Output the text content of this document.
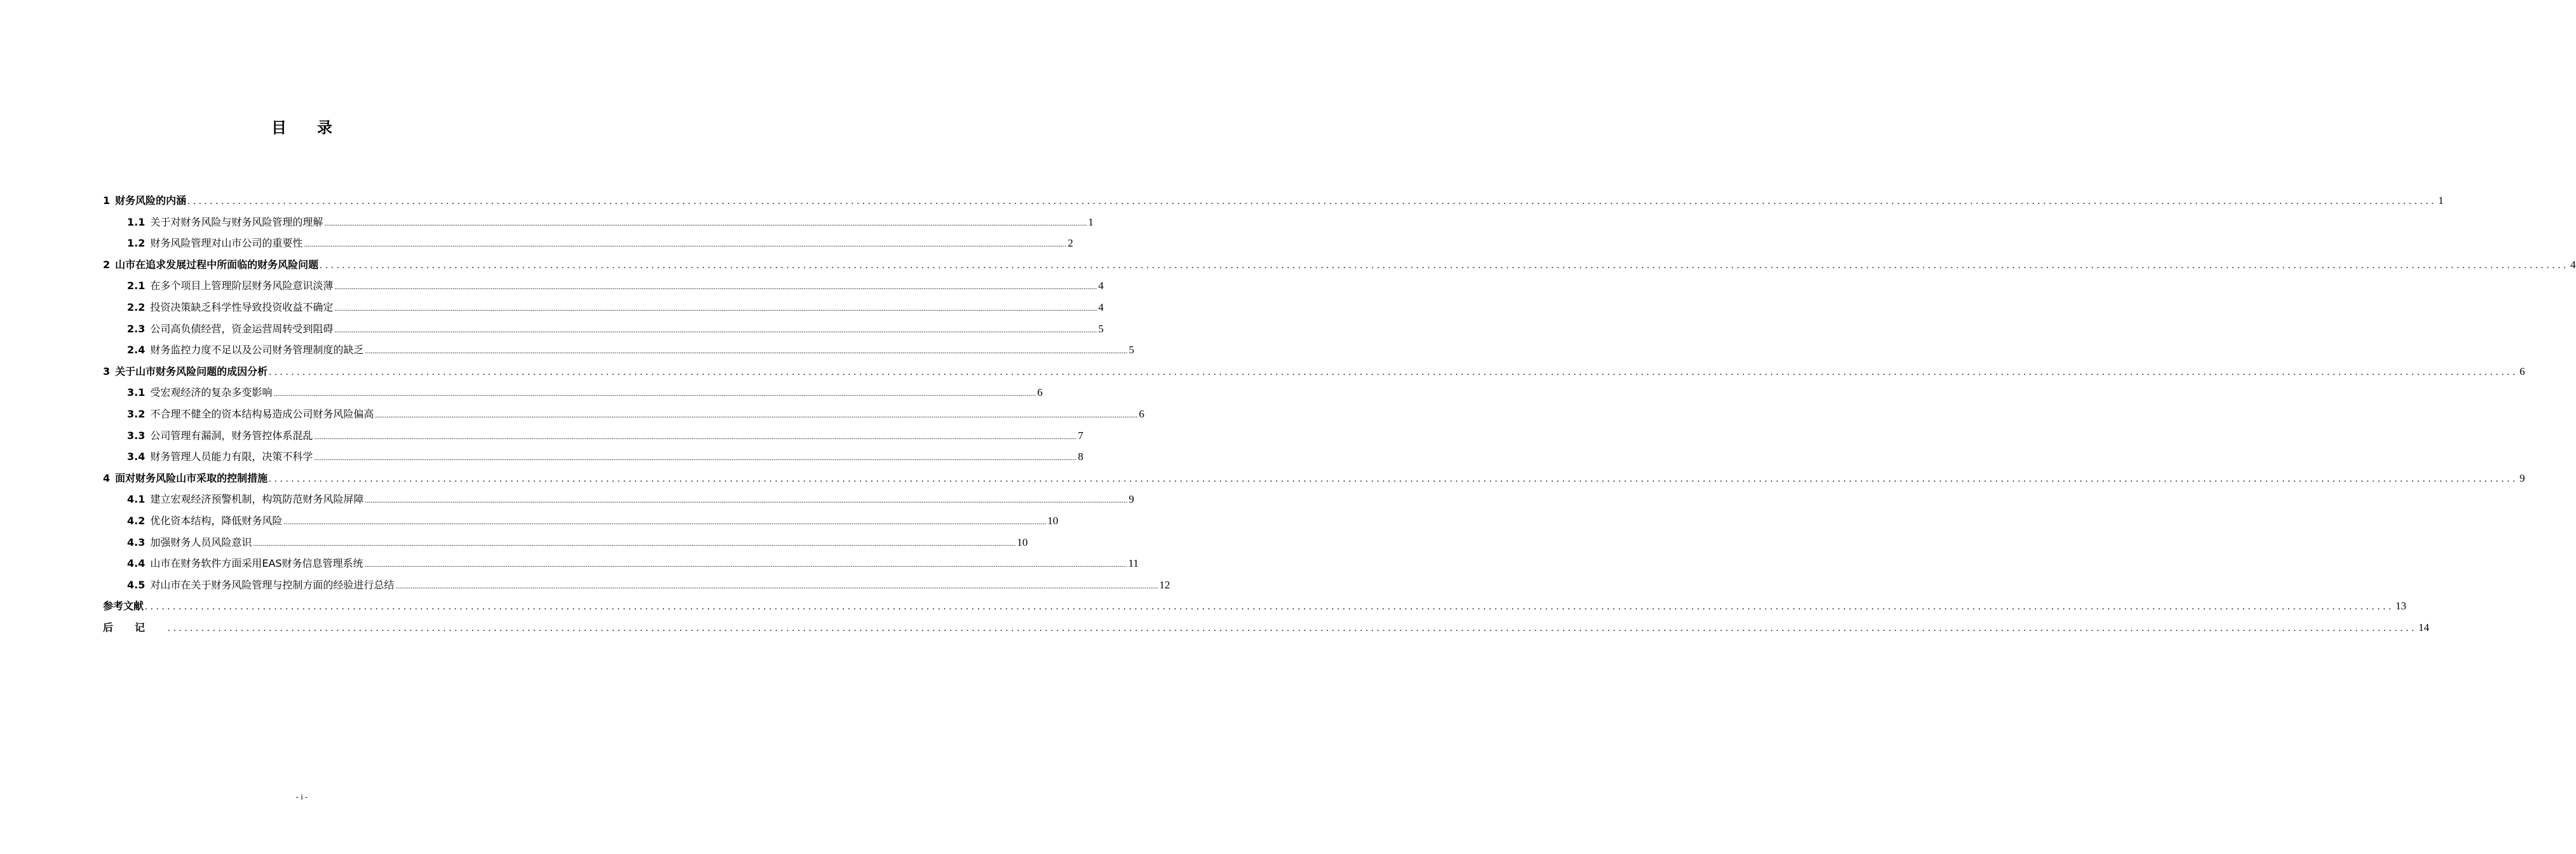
目录
1 财务风险的内涵 ................................................................................................................................................................................................................................................................................................................................................................................................................ 1
1.1 关于对财务风险与财务风险管理的理解 ................................................................................................................................................................................................................................................................................................................................................................................................................ 1
1.2 财务风险管理对山市公司的重要性 ................................................................................................................................................................................................................................................................................................................................................................................................................ 2
2 山市在追求发展过程中所面临的财务风险问题 ................................................................................................................................................................................................................................................................................................................................................................................................................ 4
2.1 在多个项目上管理阶层财务风险意识淡薄 ................................................................................................................................................................................................................................................................................................................................................................................................................ 4
2.2 投资决策缺乏科学性导致投资收益不确定 ................................................................................................................................................................................................................................................................................................................................................................................................................ 4
2.3 公司高负债经营，资金运营周转受到阻碍 ................................................................................................................................................................................................................................................................................................................................................................................................................ 5
2.4 财务监控力度不足以及公司财务管理制度的缺乏 ................................................................................................................................................................................................................................................................................................................................................................................................................ 5
3 关于山市财务风险问题的成因分析 ................................................................................................................................................................................................................................................................................................................................................................................................................ 6
3.1 受宏观经济的复杂多变影响 ................................................................................................................................................................................................................................................................................................................................................................................................................ 6
3.2 不合理不健全的资本结构易造成公司财务风险偏高 ................................................................................................................................................................................................................................................................................................................................................................................................................ 6
3.3 公司管理有漏洞，财务管控体系混乱 ................................................................................................................................................................................................................................................................................................................................................................................................................ 7
3.4 财务管理人员能力有限，决策不科学 ................................................................................................................................................................................................................................................................................................................................................................................................................ 8
4 面对财务风险山市采取的控制措施 ................................................................................................................................................................................................................................................................................................................................................................................................................ 9
4.1 建立宏观经济预警机制，构筑防范财务风险屏障 ................................................................................................................................................................................................................................................................................................................................................................................................................ 9
4.2 优化资本结构，降低财务风险 ................................................................................................................................................................................................................................................................................................................................................................................................................ 10
4.3 加强财务人员风险意识 ................................................................................................................................................................................................................................................................................................................................................................................................................ 10
4.4 山市在财务软件方面采用EAS财务信息管理系统 ................................................................................................................................................................................................................................................................................................................................................................................................................ 11
4.5 对山市在关于财务风险管理与控制方面的经验进行总结 ................................................................................................................................................................................................................................................................................................................................................................................................................ 12
参考文献 ................................................................................................................................................................................................................................................................................................................................................................................................................ 13
后记 ................................................................................................................................................................................................................................................................................................................................................................................................................ 14
- i -
